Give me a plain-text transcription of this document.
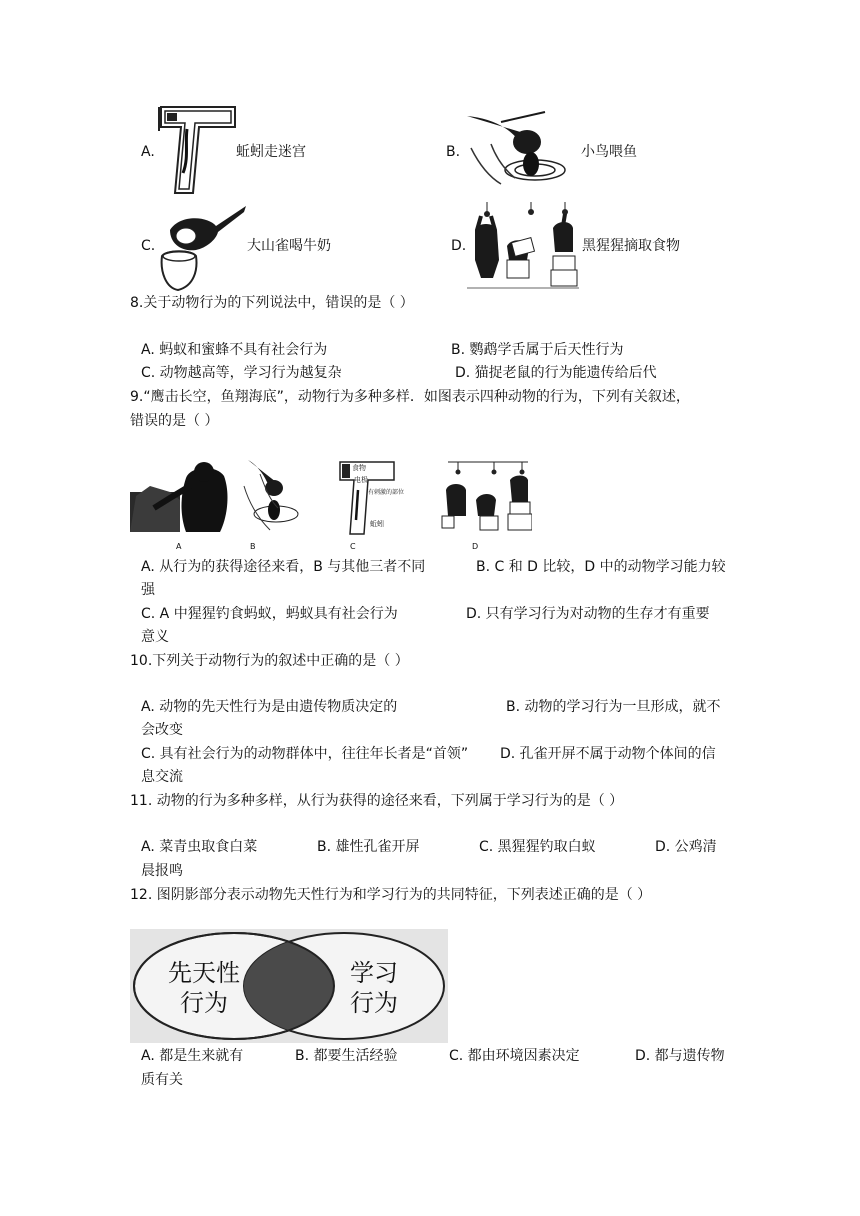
A.	蚯蚓走迷宫	B.	小鸟喂鱼
C.	大山雀喝牛奶	D.	黑猩猩摘取食物
8.关于动物行为的下列说法中，错误的是（ ）
A. 蚂蚁和蜜蜂不具有社会行为	B. 鹦鹉学舌属于后天性行为
C. 动物越高等，学习行为越复杂	D. 猫捉老鼠的行为能遗传给后代
9.“鹰击长空，鱼翔海底”，动物行为多种多样．如图表示四种动物的行为，下列有关叙述，
错误的是（ ）
食物
电极
有刺激的部位
蚯蚓
A	B	C	D
A. 从行为的获得途径来看，B 与其他三者不同	B. C 和 D 比较，D 中的动物学习能力较
强
C. A 中猩猩钓食蚂蚁，蚂蚁具有社会行为	D. 只有学习行为对动物的生存才有重要
意义
10.下列关于动物行为的叙述中正确的是（ ）
A. 动物的先天性行为是由遗传物质决定的	B. 动物的学习行为一旦形成，就不
会改变
C. 具有社会行为的动物群体中，往往年长者是“首领” D. 孔雀开屏不属于动物个体间的信
息交流
11. 动物的行为多种多样，从行为获得的途径来看，下列属于学习行为的是（ ）
A. 菜青虫取食白菜	B. 雄性孔雀开屏	C. 黑猩猩钓取白蚁	D. 公鸡清
晨报鸣
12. 图阴影部分表示动物先天性行为和学习行为的共同特征，下列表述正确的是（ ）
先天性
行为
学习
行为
A. 都是生来就有	B. 都要生活经验	C. 都由环境因素决定	D. 都与遗传物
质有关
